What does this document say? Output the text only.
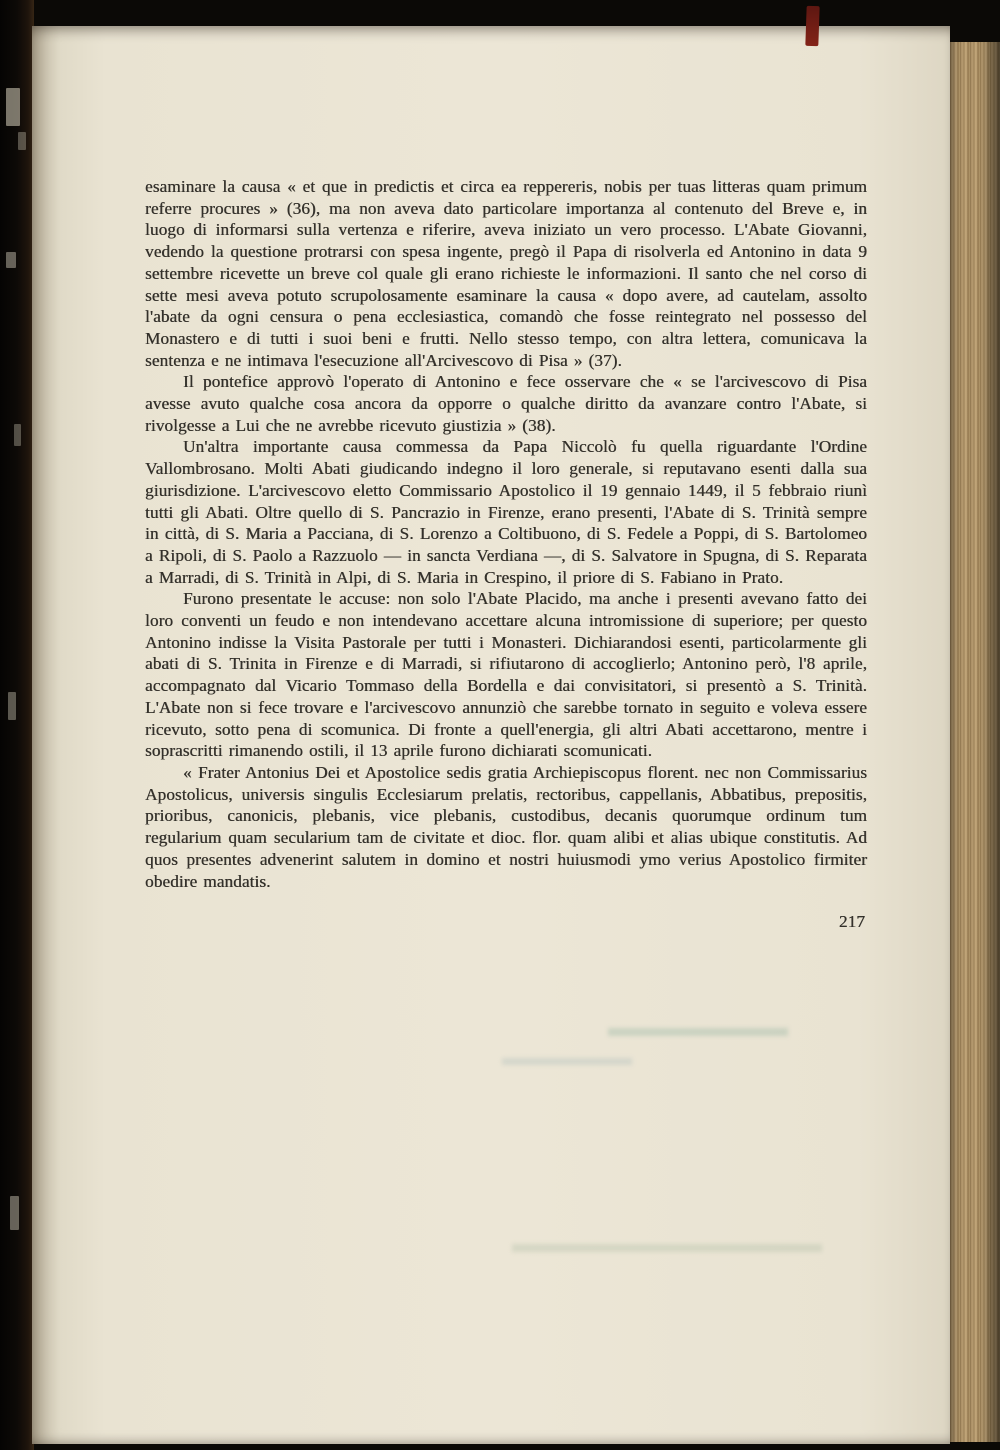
esaminare la causa « et que in predictis et circa ea reppereris, nobis per tuas litteras quam primum referre procures » (36), ma non aveva dato particolare importanza al contenuto del Breve e, in luogo di informarsi sulla vertenza e riferire, aveva iniziato un vero processo. L'Abate Giovanni, vedendo la questione protrarsi con spesa ingente, pregò il Papa di risolverla ed Antonino in data 9 settembre ricevette un breve col quale gli erano richieste le informazioni. Il santo che nel corso di sette mesi aveva potuto scrupolosamente esaminare la causa « dopo avere, ad cautelam, assolto l'abate da ogni censura o pena ecclesiastica, comandò che fosse reintegrato nel possesso del Monastero e di tutti i suoi beni e frutti. Nello stesso tempo, con altra lettera, comunicava la sentenza e ne intimava l'esecuzione all'Arcivescovo di Pisa » (37).

Il pontefice approvò l'operato di Antonino e fece osservare che « se l'arcivescovo di Pisa avesse avuto qualche cosa ancora da opporre o qualche diritto da avanzare contro l'Abate, si rivolgesse a Lui che ne avrebbe ricevuto giustizia » (38).

Un'altra importante causa commessa da Papa Niccolò fu quella riguardante l'Ordine Vallombrosano. Molti Abati giudicando indegno il loro generale, si reputavano esenti dalla sua giurisdizione. L'arcivescovo eletto Commissario Apostolico il 19 gennaio 1449, il 5 febbraio riunì tutti gli Abati. Oltre quello di S. Pancrazio in Firenze, erano presenti, l'Abate di S. Trinità sempre in città, di S. Maria a Pacciana, di S. Lorenzo a Coltibuono, di S. Fedele a Poppi, di S. Bartolomeo a Ripoli, di S. Paolo a Razzuolo — in sancta Verdiana —, di S. Salvatore in Spugna, di S. Reparata a Marradi, di S. Trinità in Alpi, di S. Maria in Crespino, il priore di S. Fabiano in Prato.

Furono presentate le accuse: non solo l'Abate Placido, ma anche i presenti avevano fatto dei loro conventi un feudo e non intendevano accettare alcuna intromissione di superiore; per questo Antonino indisse la Visita Pastorale per tutti i Monasteri. Dichiarandosi esenti, particolarmente gli abati di S. Trinita in Firenze e di Marradi, si rifiutarono di accoglierlo; Antonino però, l'8 aprile, accompagnato dal Vicario Tommaso della Bordella e dai convisitatori, si presentò a S. Trinità. L'Abate non si fece trovare e l'arcivescovo annunziò che sarebbe tornato in seguito e voleva essere ricevuto, sotto pena di scomunica. Di fronte a quell'energia, gli altri Abati accettarono, mentre i soprascritti rimanendo ostili, il 13 aprile furono dichiarati scomunicati.

« Frater Antonius Dei et Apostolice sedis gratia Archiepiscopus florent. nec non Commissarius Apostolicus, universis singulis Ecclesiarum prelatis, rectoribus, cappellanis, Abbatibus, prepositis, prioribus, canonicis, plebanis, vice plebanis, custodibus, decanis quorumque ordinum tum regularium quam secularium tam de civitate et dioc. flor. quam alibi et alias ubique constitutis. Ad quos presentes advenerint salutem in domino et nostri huiusmodi ymo verius Apostolico firmiter obedire mandatis.

217
